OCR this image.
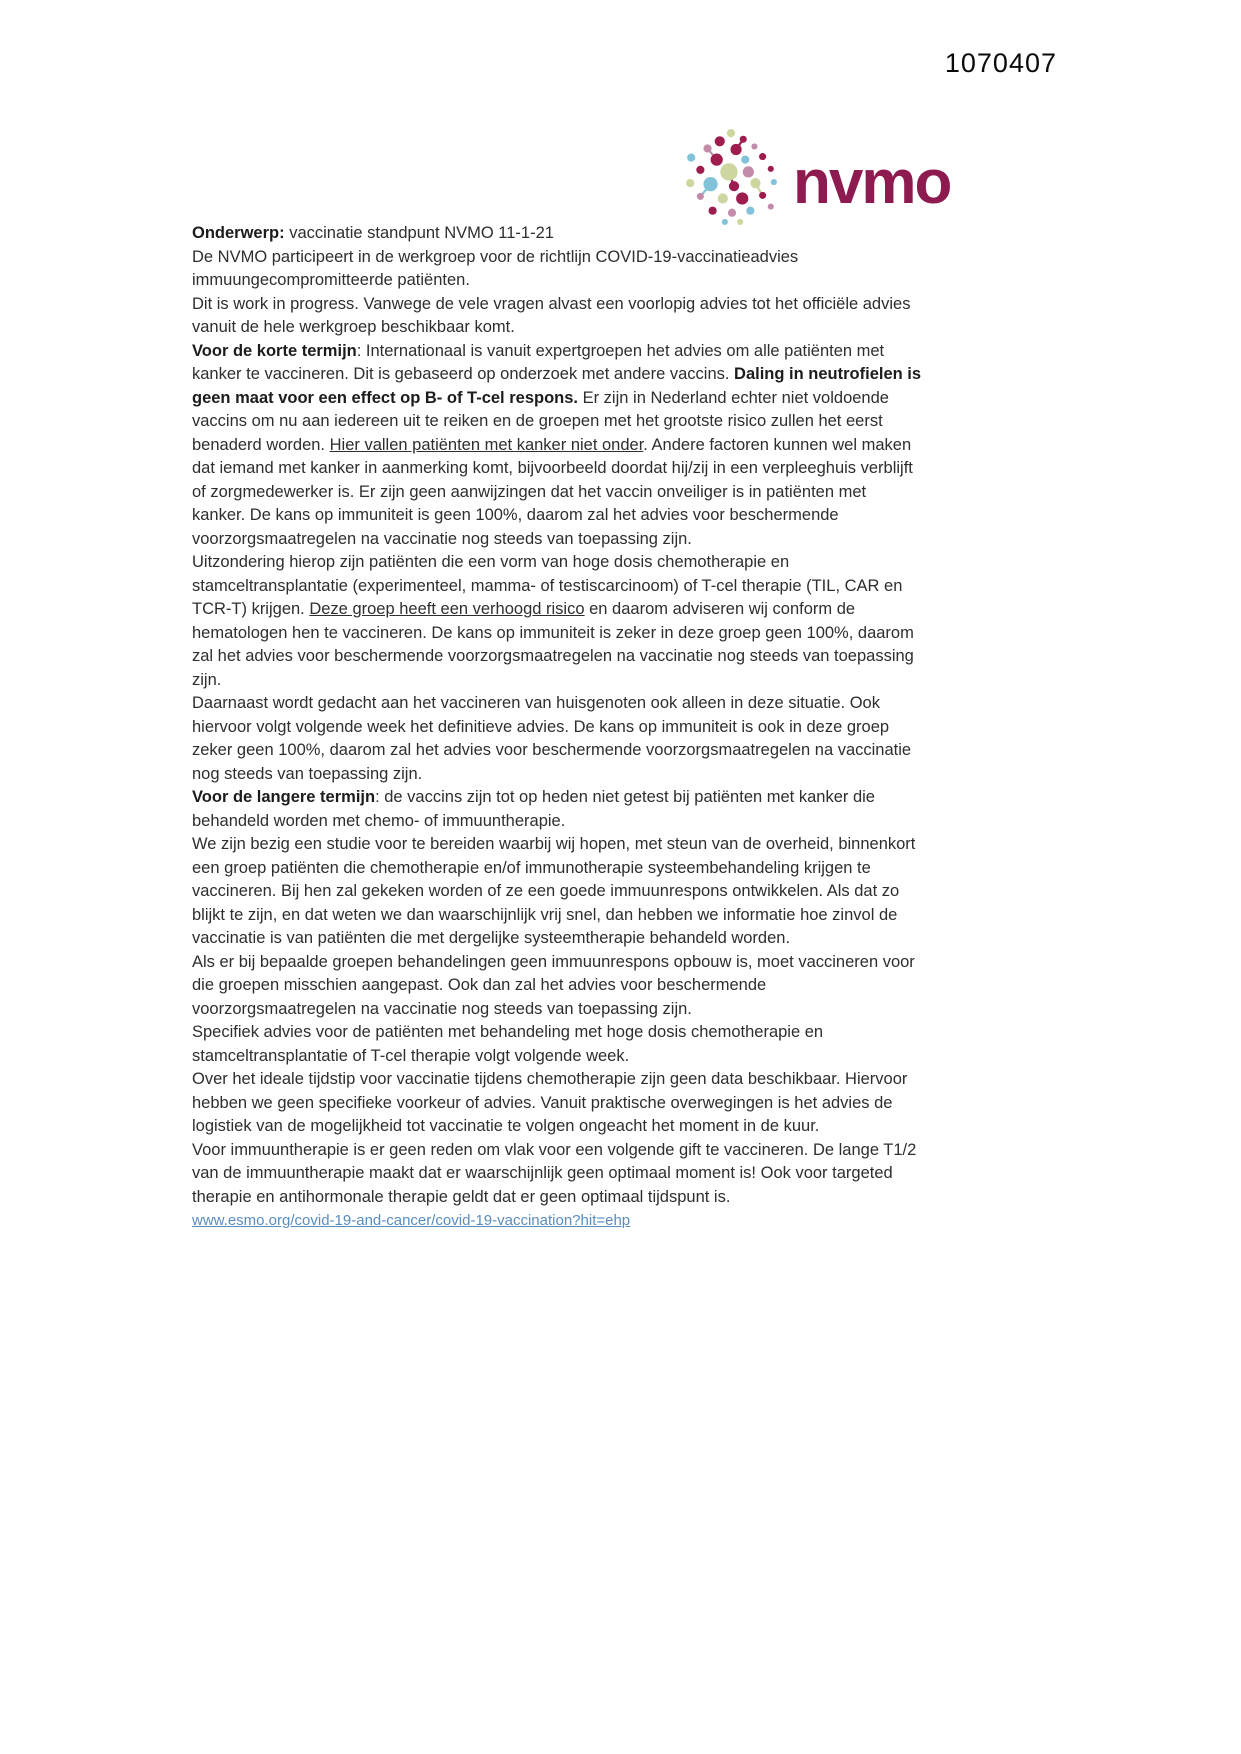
1070407
nvmo

Onderwerp: vaccinatie standpunt NVMO 11-1-21

De NVMO participeert in de werkgroep voor de richtlijn COVID-19-vaccinatieadvies immuungecompromitteerde patiënten.
Dit is work in progress. Vanwege de vele vragen alvast een voorlopig advies tot het officiële advies vanuit de hele werkgroep beschikbaar komt.

Voor de korte termijn: Internationaal is vanuit expertgroepen het advies om alle patiënten met kanker te vaccineren. Dit is gebaseerd op onderzoek met andere vaccins. Daling in neutrofielen is geen maat voor een effect op B- of T-cel respons. Er zijn in Nederland echter niet voldoende vaccins om nu aan iedereen uit te reiken en de groepen met het grootste risico zullen het eerst benaderd worden. Hier vallen patiënten met kanker niet onder. Andere factoren kunnen wel maken dat iemand met kanker in aanmerking komt, bijvoorbeeld doordat hij/zij in een verpleeghuis verblijft of zorgmedewerker is. Er zijn geen aanwijzingen dat het vaccin onveiliger is in patiënten met kanker. De kans op immuniteit is geen 100%, daarom zal het advies voor beschermende voorzorgsmaatregelen na vaccinatie nog steeds van toepassing zijn.

Uitzondering hierop zijn patiënten die een vorm van hoge dosis chemotherapie en stamceltransplantatie (experimenteel, mamma- of testiscarcinoom) of T-cel therapie (TIL, CAR en TCR-T) krijgen. Deze groep heeft een verhoogd risico en daarom adviseren wij conform de hematologen hen te vaccineren. De kans op immuniteit is zeker in deze groep geen 100%, daarom zal het advies voor beschermende voorzorgsmaatregelen na vaccinatie nog steeds van toepassing zijn.
Daarnaast wordt gedacht aan het vaccineren van huisgenoten ook alleen in deze situatie. Ook hiervoor volgt volgende week het definitieve advies. De kans op immuniteit is ook in deze groep zeker geen 100%, daarom zal het advies voor beschermende voorzorgsmaatregelen na vaccinatie nog steeds van toepassing zijn.

Voor de langere termijn: de vaccins zijn tot op heden niet getest bij patiënten met kanker die behandeld worden met chemo- of immuuntherapie.
We zijn bezig een studie voor te bereiden waarbij wij hopen, met steun van de overheid, binnenkort een groep patiënten die chemotherapie en/of immunotherapie systeembehandeling krijgen te vaccineren. Bij hen zal gekeken worden of ze een goede immuunrespons ontwikkelen. Als dat zo blijkt te zijn, en dat weten we dan waarschijnlijk vrij snel, dan hebben we informatie hoe zinvol de vaccinatie is van patiënten die met dergelijke systeemtherapie behandeld worden.
Als er bij bepaalde groepen behandelingen geen immuunrespons opbouw is, moet vaccineren voor die groepen misschien aangepast. Ook dan zal het advies voor beschermende voorzorgsmaatregelen na vaccinatie nog steeds van toepassing zijn.
Specifiek advies voor de patiënten met behandeling met hoge dosis chemotherapie en stamceltransplantatie of T-cel therapie volgt volgende week.

Over het ideale tijdstip voor vaccinatie tijdens chemotherapie zijn geen data beschikbaar. Hiervoor hebben we geen specifieke voorkeur of advies. Vanuit praktische overwegingen is het advies de logistiek van de mogelijkheid tot vaccinatie te volgen ongeacht het moment in de kuur.
Voor immuuntherapie is er geen reden om vlak voor een volgende gift te vaccineren. De lange T1/2 van de immuuntherapie maakt dat er waarschijnlijk geen optimaal moment is! Ook voor targeted therapie en antihormonale therapie geldt dat er geen optimaal tijdspunt is.

www.esmo.org/covid-19-and-cancer/covid-19-vaccination?hit=ehp
